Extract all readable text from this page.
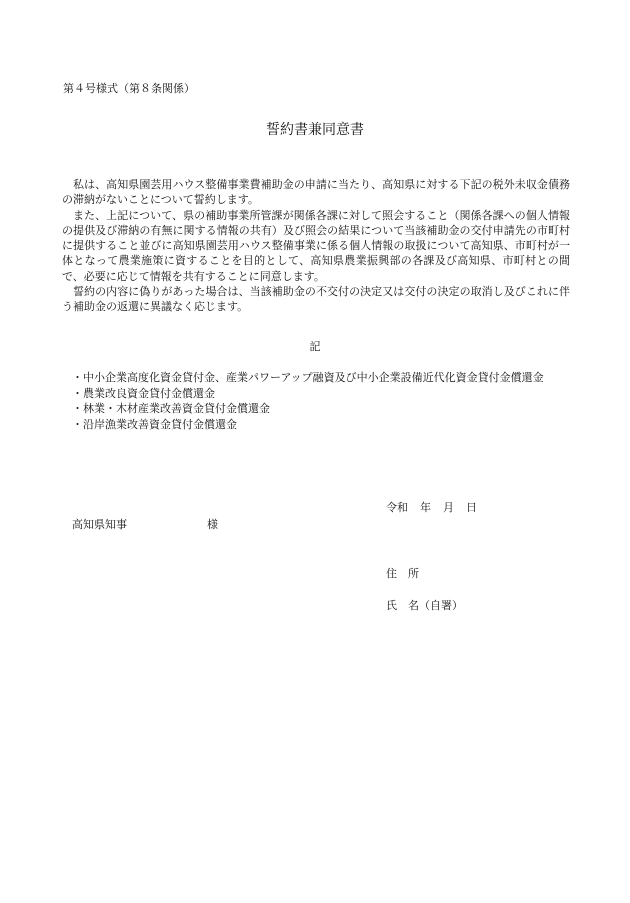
第４号様式（第８条関係）
誓約書兼同意書

私は、高知県園芸用ハウス整備事業費補助金の申請に当たり、高知県に対する下記の税外未収金債務の滞納がないことについて誓約します。

また、上記について、県の補助事業所管課が関係各課に対して照会すること（関係各課への個人情報の提供及び滞納の有無に関する情報の共有）及び照会の結果について当該補助金の交付申請先の市町村に提供すること並びに高知県園芸用ハウス整備事業に係る個人情報の取扱について高知県、市町村が一体となって農業施策に資することを目的として、高知県農業振興部の各課及び高知県、市町村との間で、必要に応じて情報を共有することに同意します。

誓約の内容に偽りがあった場合は、当該補助金の不交付の決定又は交付の決定の取消し及びこれに伴う補助金の返還に異議なく応じます。

記
・中小企業高度化資金貸付金、産業パワーアップ融資及び中小企業設備近代化資金貸付金償還金
・農業改良資金貸付金償還金
・林業・木材産業改善資金貸付金償還金
・沿岸漁業改善資金貸付金償還金
令和 年 月 日
高知県知事	様
住　所
氏　名（自署）
